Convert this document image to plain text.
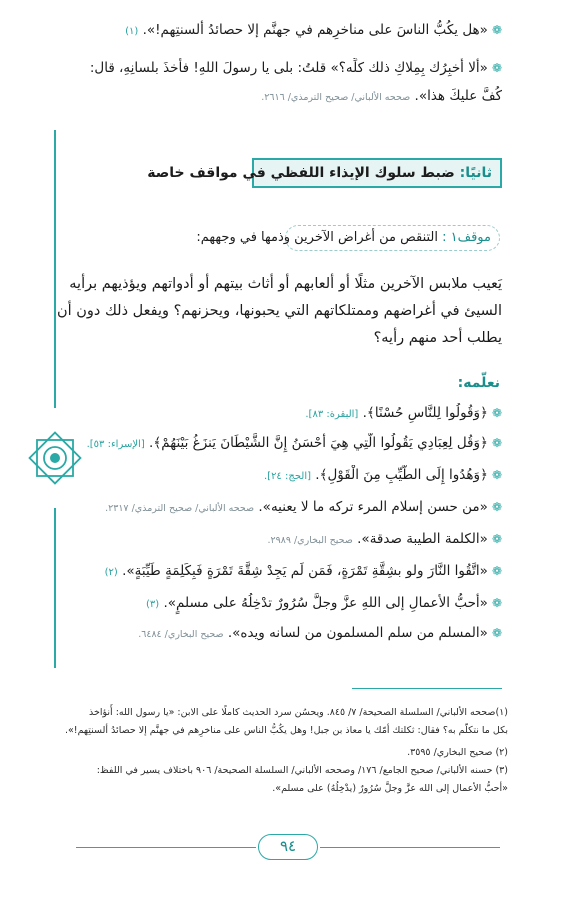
❁«هل يكُبُّ الناسَ على مناخرِهم في جهنَّم إلا حصائدُ ألسنتِهم!». (١)
❁«ألا أُخبِرُك بِمِلاكِ ذلك كلِّه؟» قلتُ: بلى يا رسولَ اللهِ! فأخذَ بلسانِهِ، قال:
كُفَّ عليكَ هذا». صححه الألباني/ صحيح الترمذي/ ٢٦١٦.
ثانيًا: ضبط سلوك الإيذاء اللفظي في مواقف خاصة
موقف١ : التنقص من أغراض الآخرين وذمها في وجههم:
يَعيب ملابس الآخرين مثلًا أو ألعابهم أو أثاث بيتهم أو أدواتهم ويؤذيهم برأيه
السيئ في أغراضهم وممتلكاتهم التي يحبونها، ويحزنهم؟ ويفعل ذلك دون أن
يطلب أحد منهم رأيه؟
نعلّمه:
❁﴿وَقُولُوا لِلنَّاسِ حُسْنًا﴾. [البقرة: ٨٣].
❁﴿وَقُل لِعِبَادِي يَقُولُوا الَّتِي هِيَ أَحْسَنُ إِنَّ الشَّيْطَانَ يَنزَغُ بَيْنَهُمْ﴾. [الإسراء: ٥٣].
❁﴿وَهُدُوا إِلَى الطَّيِّبِ مِنَ الْقَوْلِ﴾. [الحج: ٢٤].
❁«من حسن إسلام المرء تركه ما لا يعنيه». صححه الألباني/ صحيح الترمذي/ ٢٣١٧.
❁«الكلمة الطيبة صدقة». صحيح البخاري/ ٢٩٨٩.
❁«اتَّقُوا النَّارَ ولو بشِقَّةِ تَمْرَةٍ، فَمَن لَم يَجِدْ شِقَّةَ تَمْرَةٍ فَبِكَلِمَةٍ طَيِّبَةٍ». (٢)
❁«أحبُّ الأعمالِ إلى اللهِ عزَّ وجلَّ سُرُورٌ تدْخِلُهُ على مسلمٍ». (٣)
❁«المسلم من سلم المسلمون من لسانه ويده». صحيح البخاري/ ٦٤٨٤.
(١)صححه الألباني/ السلسلة الصحيحة/ ٧/ ٨٤٥. ويحسُن سرد الحديث كاملًا على الابن: «يا رسول الله: أَنؤاخذ
بكل ما نتكلّم به؟ فقال: ثكلتك أمّك يا معاذ بن جبل! وهل يكُبُّ الناس على مناخرِهم في جهنَّم إلا حصائدُ ألسنتِهم!».
(٢) صحيح البخاري/ ٣٥٩٥.
(٣) حسنه الألباني/ صحيح الجامع/ ١٧٦/ وصححه الألباني/ السلسلة الصحيحة/ ٩٠٦ باختلاف يسير في اللفظ:
«أحبُّ الأعمال إلى الله عزَّ وجلَّ سُرُورٌ (يدْخِلُهُ) على مسلم».
٩٤
